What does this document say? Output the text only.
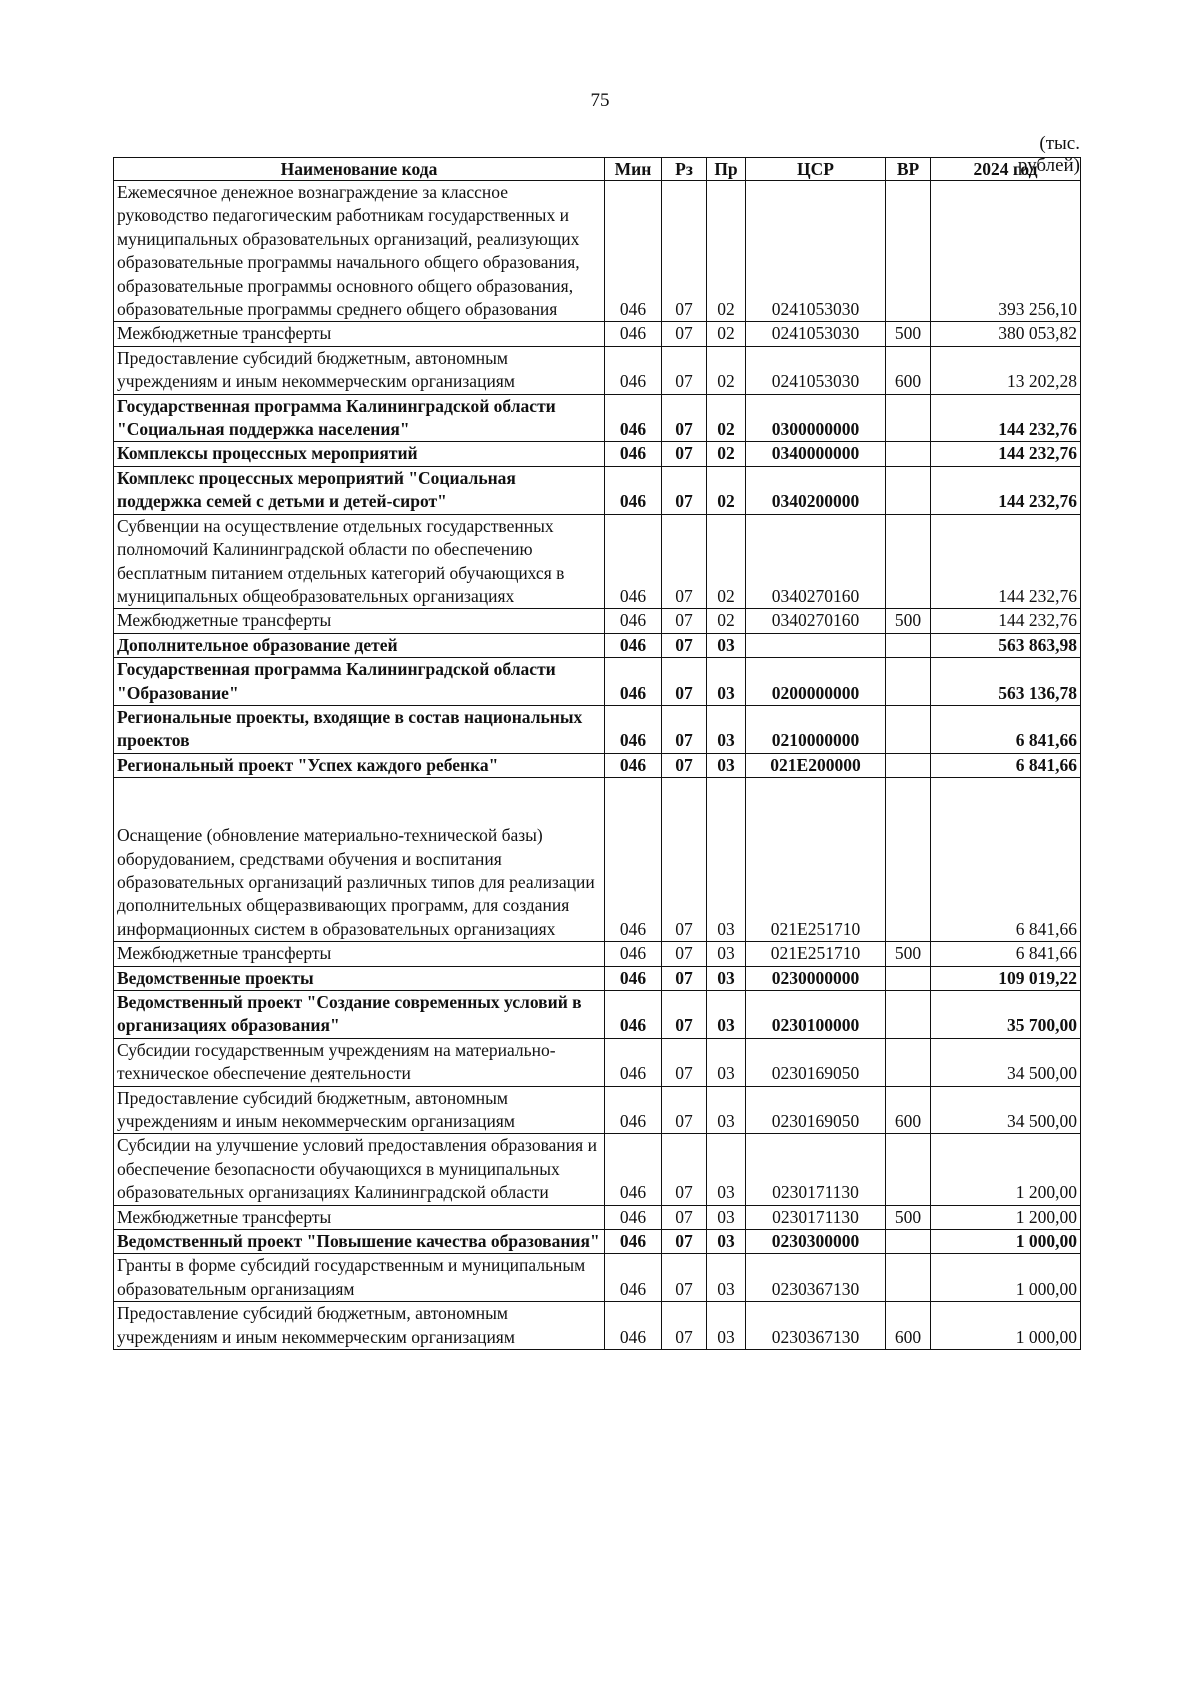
75
(тыс. рублей)
Наименование кода	Мин	Рз	Пр	ЦСР	ВР	2024 год
Ежемесячное денежное вознаграждение за классное руководство педагогическим работникам государственных и муниципальных образовательных организаций, реализующих образовательные программы начального общего образования, образовательные программы основного общего образования, образовательные программы среднего общего образования	046	07	02	0241053030		393 256,10
Межбюджетные трансферты	046	07	02	0241053030	500	380 053,82
Предоставление субсидий бюджетным, автономным учреждениям и иным некоммерческим организациям	046	07	02	0241053030	600	13 202,28
Государственная программа Калининградской области "Социальная поддержка населения"	046	07	02	0300000000		144 232,76
Комплексы процессных мероприятий	046	07	02	0340000000		144 232,76
Комплекс процессных мероприятий "Социальная поддержка семей с детьми и детей-сирот"	046	07	02	0340200000		144 232,76
Субвенции на осуществление отдельных государственных полномочий Калининградской области по обеспечению бесплатным питанием отдельных категорий обучающихся в муниципальных общеобразовательных организациях	046	07	02	0340270160		144 232,76
Межбюджетные трансферты	046	07	02	0340270160	500	144 232,76
Дополнительное образование детей	046	07	03			563 863,98
Государственная программа Калининградской области "Образование"	046	07	03	0200000000		563 136,78
Региональные проекты, входящие в состав национальных проектов	046	07	03	0210000000		6 841,66
Региональный проект "Успех каждого ребенка"	046	07	03	021E200000		6 841,66
Оснащение (обновление материально-технической базы) оборудованием, средствами обучения и воспитания образовательных организаций различных типов для реализации дополнительных общеразвивающих программ, для создания информационных систем в образовательных организациях	046	07	03	021E251710		6 841,66
Межбюджетные трансферты	046	07	03	021E251710	500	6 841,66
Ведомственные проекты	046	07	03	0230000000		109 019,22
Ведомственный проект "Создание современных условий в организациях образования"	046	07	03	0230100000		35 700,00
Субсидии государственным учреждениям на материально-техническое обеспечение деятельности	046	07	03	0230169050		34 500,00
Предоставление субсидий бюджетным, автономным учреждениям и иным некоммерческим организациям	046	07	03	0230169050	600	34 500,00
Субсидии на улучшение условий предоставления образования и обеспечение безопасности обучающихся в муниципальных образовательных организациях Калининградской области	046	07	03	0230171130		1 200,00
Межбюджетные трансферты	046	07	03	0230171130	500	1 200,00
Ведомственный проект "Повышение качества образования"	046	07	03	0230300000		1 000,00
Гранты в форме субсидий государственным и муниципальным образовательным организациям	046	07	03	0230367130		1 000,00
Предоставление субсидий бюджетным, автономным учреждениям и иным некоммерческим организациям	046	07	03	0230367130	600	1 000,00
